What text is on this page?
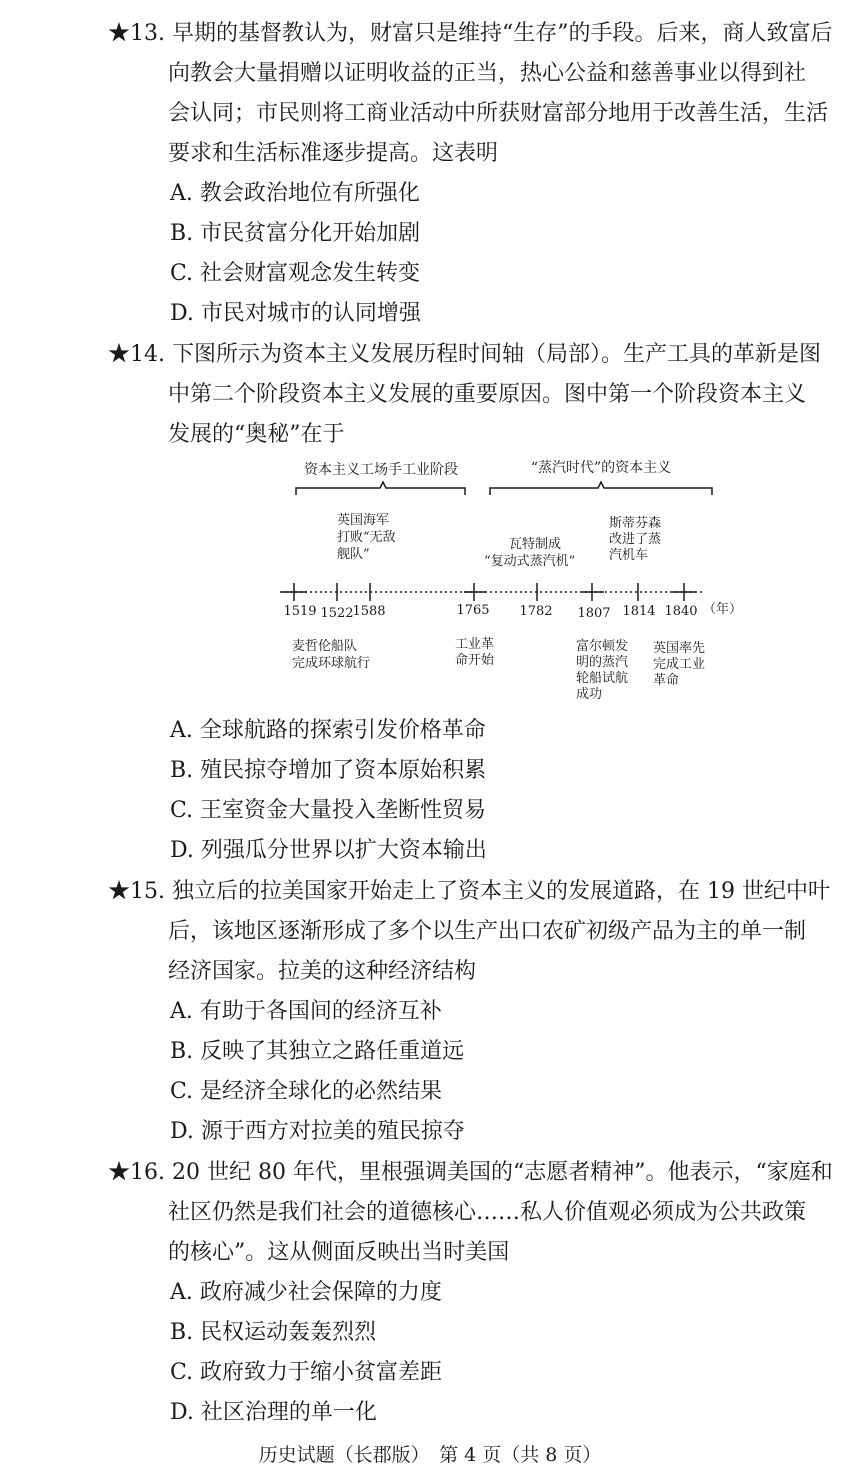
★13. 早期的基督教认为，财富只是维持“生存”的手段。后来，商人致富后
向教会大量捐赠以证明收益的正当，热心公益和慈善事业以得到社
会认同；市民则将工商业活动中所获财富部分地用于改善生活，生活
要求和生活标准逐步提高。这表明
A. 教会政治地位有所强化
B. 市民贫富分化开始加剧
C. 社会财富观念发生转变
D. 市民对城市的认同增强
★14. 下图所示为资本主义发展历程时间轴（局部）。生产工具的革新是图
中第二个阶段资本主义发展的重要原因。图中第一个阶段资本主义
发展的“奥秘”在于
资本主义工场手工业阶段	“蒸汽时代”的资本主义
1519 1522
1588	1765 1782 1807 1814 1840 （年）
英国海军
打败“无敌
舰队”
瓦特制成
“复动式蒸汽机”
斯蒂芬森
改进了蒸
汽机车
麦哲伦船队
完成环球航行
工业革
命开始
富尔顿发
明的蒸汽
轮船试航
成功
英国率先
完成工业
革命
A. 全球航路的探索引发价格革命
B. 殖民掠夺增加了资本原始积累
C. 王室资金大量投入垄断性贸易
D. 列强瓜分世界以扩大资本输出
★15. 独立后的拉美国家开始走上了资本主义的发展道路，在 19 世纪中叶
后，该地区逐渐形成了多个以生产出口农矿初级产品为主的单一制
经济国家。拉美的这种经济结构
A. 有助于各国间的经济互补
B. 反映了其独立之路任重道远
C. 是经济全球化的必然结果
D. 源于西方对拉美的殖民掠夺
★16. 20 世纪 80 年代，里根强调美国的“志愿者精神”。他表示，“家庭和
社区仍然是我们社会的道德核心……私人价值观必须成为公共政策
的核心”。这从侧面反映出当时美国
A. 政府减少社会保障的力度
B. 民权运动轰轰烈烈
C. 政府致力于缩小贫富差距
D. 社区治理的单一化
历史试题（长郡版）　第 4 页（共 8 页）
